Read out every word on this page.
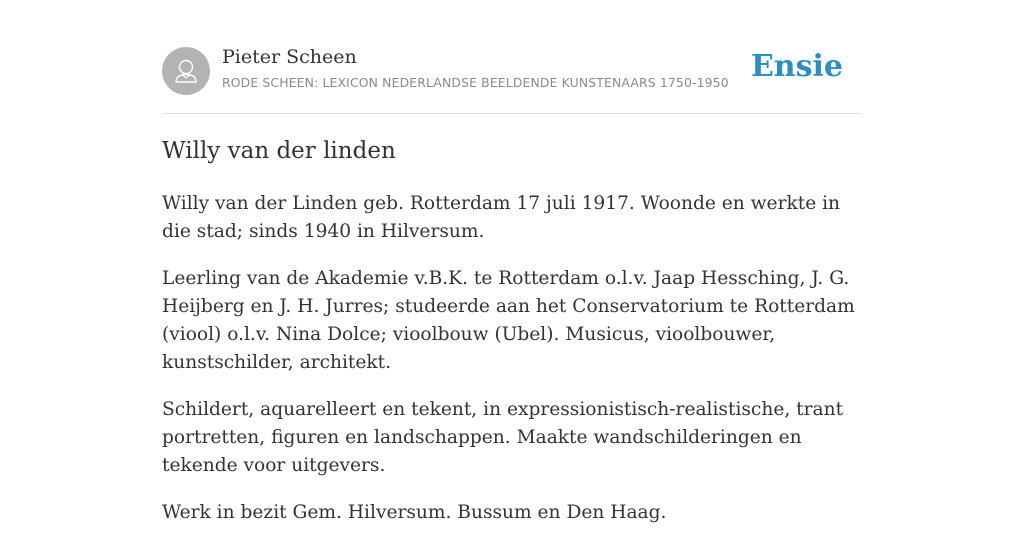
Pieter Scheen
RODE SCHEEN: LEXICON NEDERLANDSE BEELDENDE KUNSTENAARS 1750-1950 Ensie
Willy van der linden

Willy van der Linden geb. Rotterdam 17 juli 1917. Woonde en werkte in die stad; sinds 1940 in Hilversum.

Leerling van de Akademie v.B.K. te Rotterdam o.l.v. Jaap Hessching, J. G. Heijberg en J. H. Jurres; studeerde aan het Conservatorium te Rotterdam (viool) o.l.v. Nina Dolce; vioolbouw (Ubel). Musicus, vioolbouwer, kunstschilder, architekt.

Schildert, aquarelleert en tekent, in expressionistisch-realistische, trant portretten, figuren en landschappen. Maakte wandschilderingen en tekende voor uitgevers.

Werk in bezit Gem. Hilversum. Bussum en Den Haag.
